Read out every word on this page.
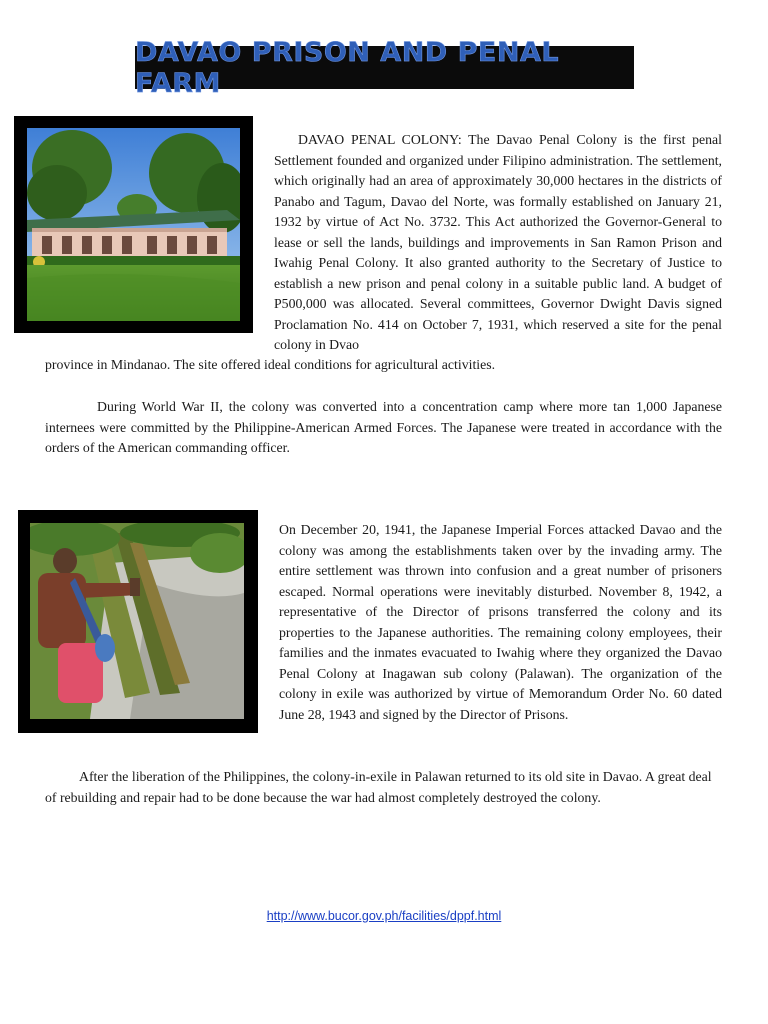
DAVAO PRISON AND PENAL FARM

DAVAO PENAL COLONY: The Davao Penal Colony is the first penal Settlement founded and organized under Filipino administration. The settlement, which originally had an area of approximately 30,000 hectares in the districts of Panabo and Tagum, Davao del Norte, was formally established on January 21, 1932 by virtue of Act No. 3732. This Act authorized the Governor-General to lease or sell the lands, buildings and improvements in San Ramon Prison and Iwahig Penal Colony. It also granted authority to the Secretary of Justice to establish a new prison and penal colony in a suitable public land. A budget of P500,000 was allocated. Several committees, Governor Dwight Davis signed Proclamation No. 414 on October 7, 1931, which reserved a site for the penal colony in Dvao

province in Mindanao. The site offered ideal conditions for agricultural activities.

During World War II, the colony was converted into a concentration camp where more tan 1,000 Japanese internees were committed by the Philippine-American Armed Forces. The Japanese were treated in accordance with the orders of the American commanding officer.

On December 20, 1941, the Japanese Imperial Forces attacked Davao and the colony was among the establishments taken over by the invading army. The entire settlement was thrown into confusion and a great number of prisoners escaped. Normal operations were inevitably disturbed. November 8, 1942, a representative of the Director of prisons transferred the colony and its properties to the Japanese authorities. The remaining colony employees, their families and the inmates evacuated to Iwahig where they organized the Davao Penal Colony at Inagawan sub colony (Palawan). The organization of the colony in exile was authorized by virtue of Memorandum Order No. 60 dated June 28, 1943 and signed by the Director of Prisons.

After the liberation of the Philippines, the colony-in-exile in Palawan returned to its old site in Davao. A great deal of rebuilding and repair had to be done because the war had almost completely destroyed the colony.

http://www.bucor.gov.ph/facilities/dppf.html
